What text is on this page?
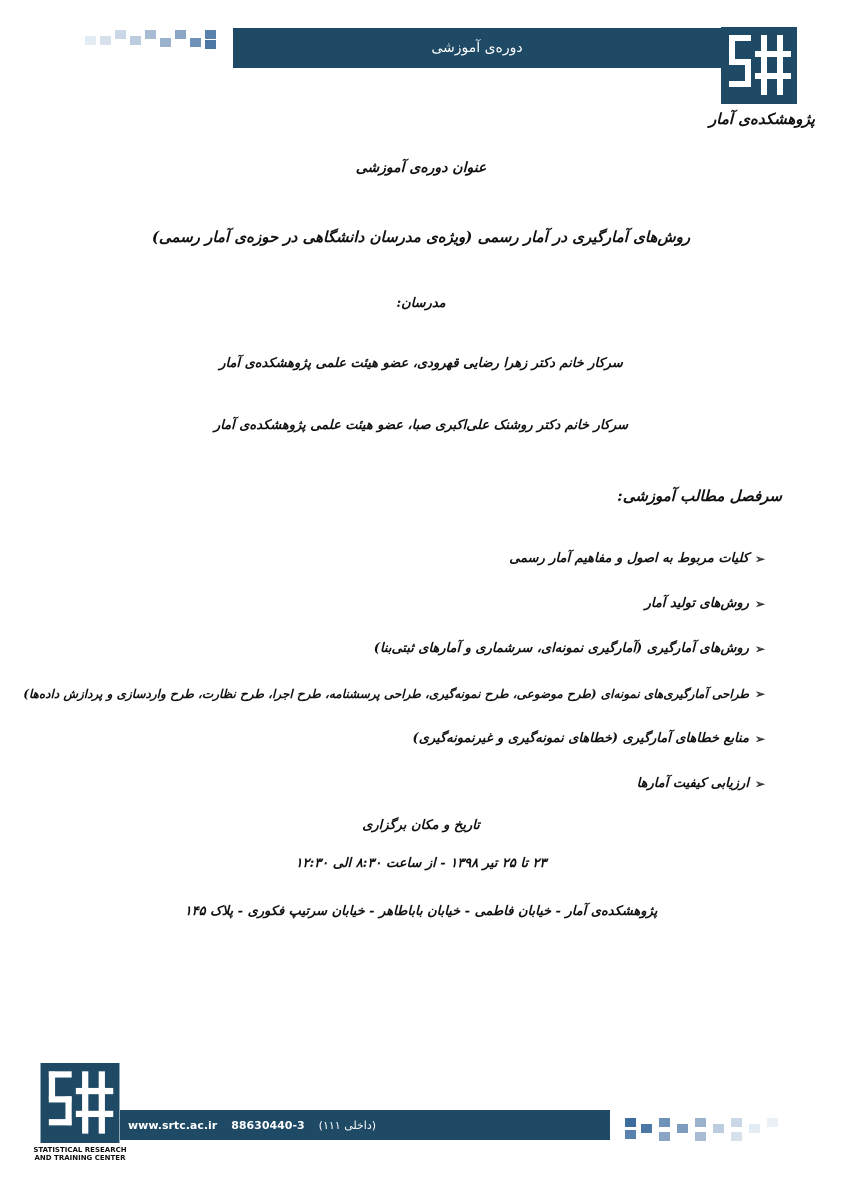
دوره‌ی آموزشی
پژوهشکده‌ی آمار
عنوان دوره‌ی آموزشی
روش‌های آمارگیری در آمار رسمی (ویژه‌ی مدرسان دانشگاهی در حوزه‌ی آمار رسمی)
مدرسان:
سرکار خانم دکتر زهرا رضایی قهرودی، عضو هیئت علمی پژوهشکده‌ی آمار
سرکار خانم دکتر روشنک علی‌اکبری صبا، عضو هیئت علمی پژوهشکده‌ی آمار
سرفصل مطالب آموزشی:
➢
کلیات مربوط به اصول و مفاهیم آمار رسمی
➢
روش‌های تولید آمار
➢
روش‌های آمارگیری (آمارگیری نمونه‌ای، سرشماری و آمارهای ثبتی‌بنا)
➢
طراحی آمارگیری‌های نمونه‌ای (طرح موضوعی، طرح نمونه‌گیری، طراحی پرسشنامه، طرح اجرا، طرح نظارت، طرح واردسازی و پردازش داده‌ها)
➢
منابع خطاهای آمارگیری (خطاهای نمونه‌گیری و غیرنمونه‌گیری)
➢
ارزیابی کیفیت آمارها
تاریخ و مکان برگزاری
۲۳ تا ۲۵ تیر ۱۳۹۸ - از ساعت ۸:۳۰ الی ۱۲:۳۰
پژوهشکده‌ی آمار - خیابان فاطمی - خیابان باباطاهر - خیابان سرتیپ فکوری - پلاک ۱۴۵
STATISTICAL RESEARCH AND TRAINING CENTER
www.srtc.ac.ir 88630440-3 (داخلی ۱۱۱)
